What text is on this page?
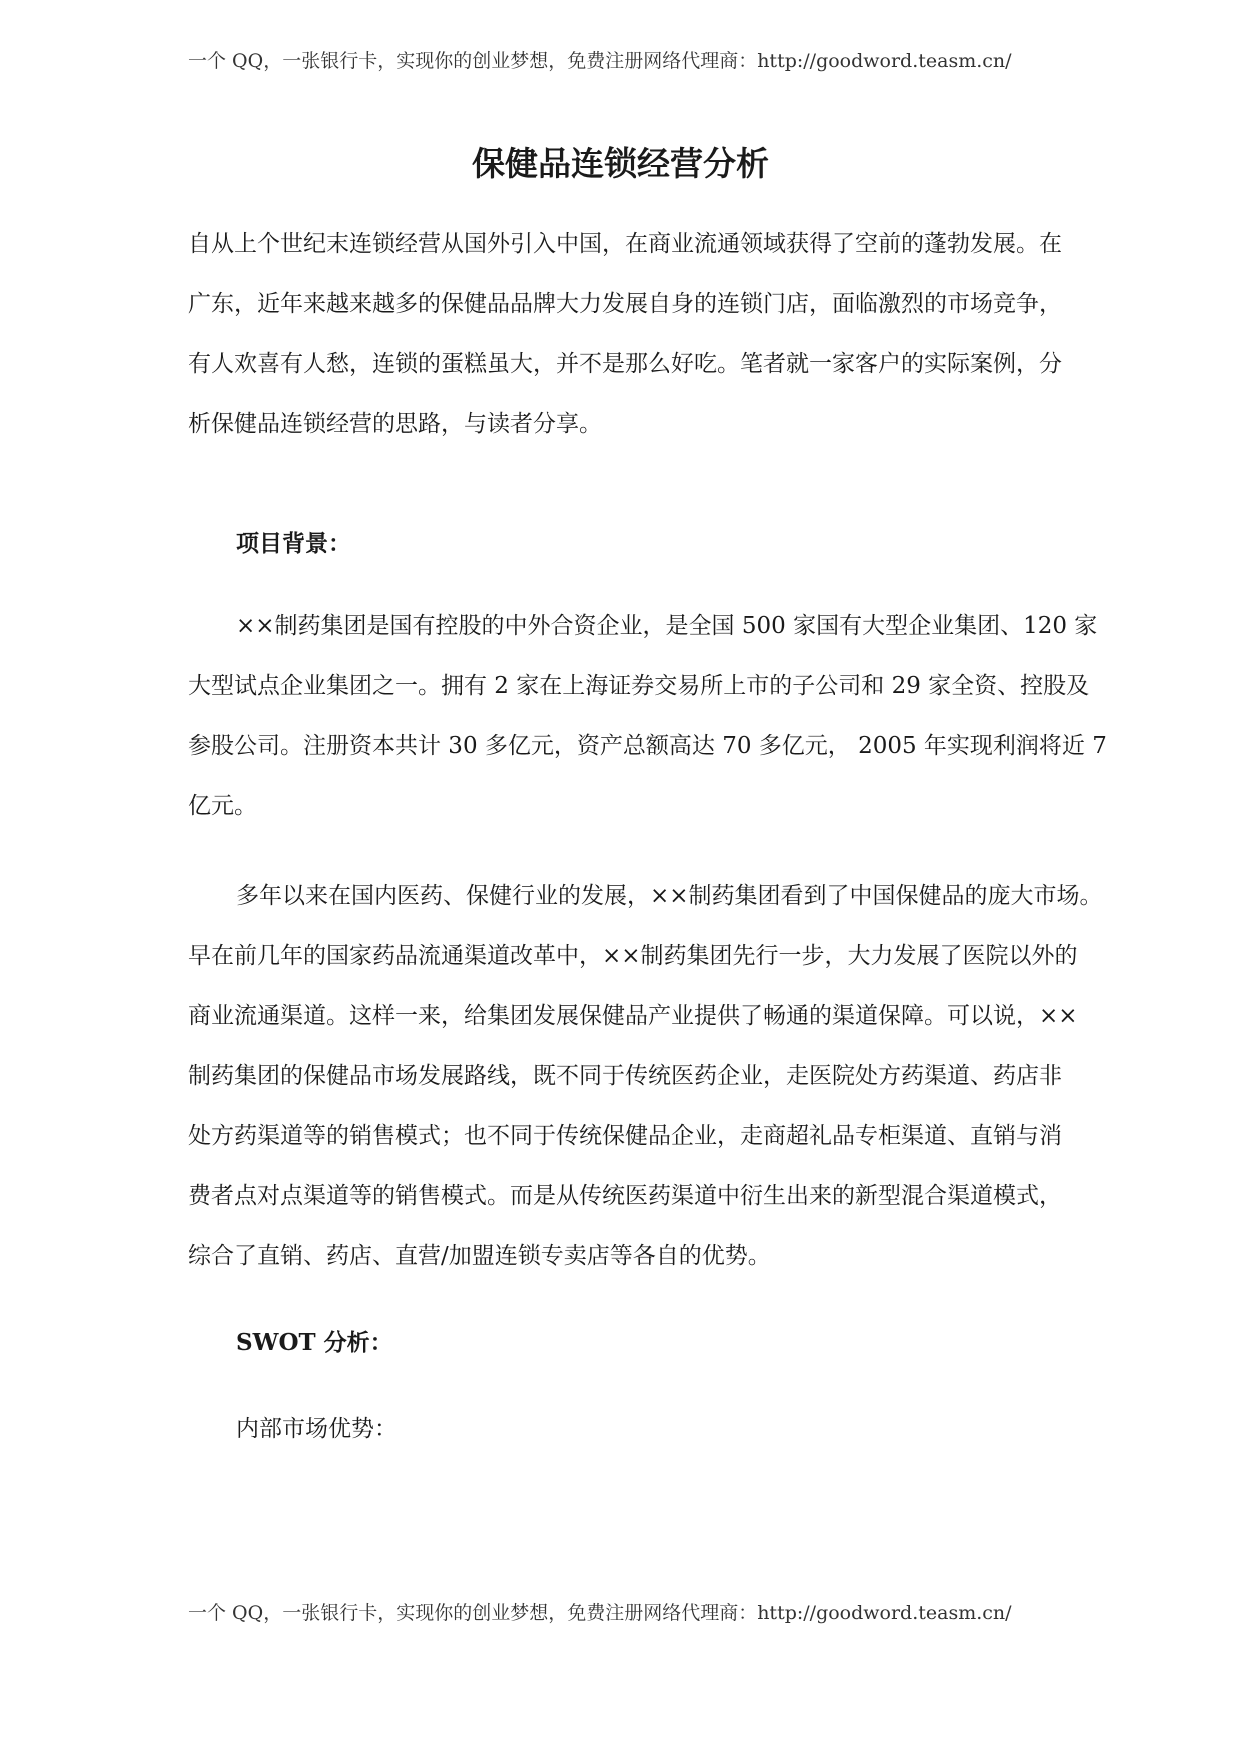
一个 QQ，一张银行卡，实现你的创业梦想，免费注册网络代理商：http://goodword.teasm.cn/
保健品连锁经营分析
自从上个世纪末连锁经营从国外引入中国，在商业流通领域获得了空前的蓬勃发展。在
广东，近年来越来越多的保健品品牌大力发展自身的连锁门店，面临激烈的市场竞争，
有人欢喜有人愁，连锁的蛋糕虽大，并不是那么好吃。笔者就一家客户的实际案例，分
析保健品连锁经营的思路，与读者分享。
项目背景：
××制药集团是国有控股的中外合资企业，是全国 500 家国有大型企业集团、120 家
大型试点企业集团之一。拥有 2 家在上海证券交易所上市的子公司和 29 家全资、控股及
参股公司。注册资本共计 30 多亿元，资产总额高达 70 多亿元， 2005 年实现利润将近 7
亿元。
多年以来在国内医药、保健行业的发展，××制药集团看到了中国保健品的庞大市场。
早在前几年的国家药品流通渠道改革中，××制药集团先行一步，大力发展了医院以外的
商业流通渠道。这样一来，给集团发展保健品产业提供了畅通的渠道保障。可以说，××
制药集团的保健品市场发展路线，既不同于传统医药企业，走医院处方药渠道、药店非
处方药渠道等的销售模式；也不同于传统保健品企业，走商超礼品专柜渠道、直销与消
费者点对点渠道等的销售模式。而是从传统医药渠道中衍生出来的新型混合渠道模式，
综合了直销、药店、直营/加盟连锁专卖店等各自的优势。
SWOT 分析：
内部市场优势：
一个 QQ，一张银行卡，实现你的创业梦想，免费注册网络代理商：http://goodword.teasm.cn/
